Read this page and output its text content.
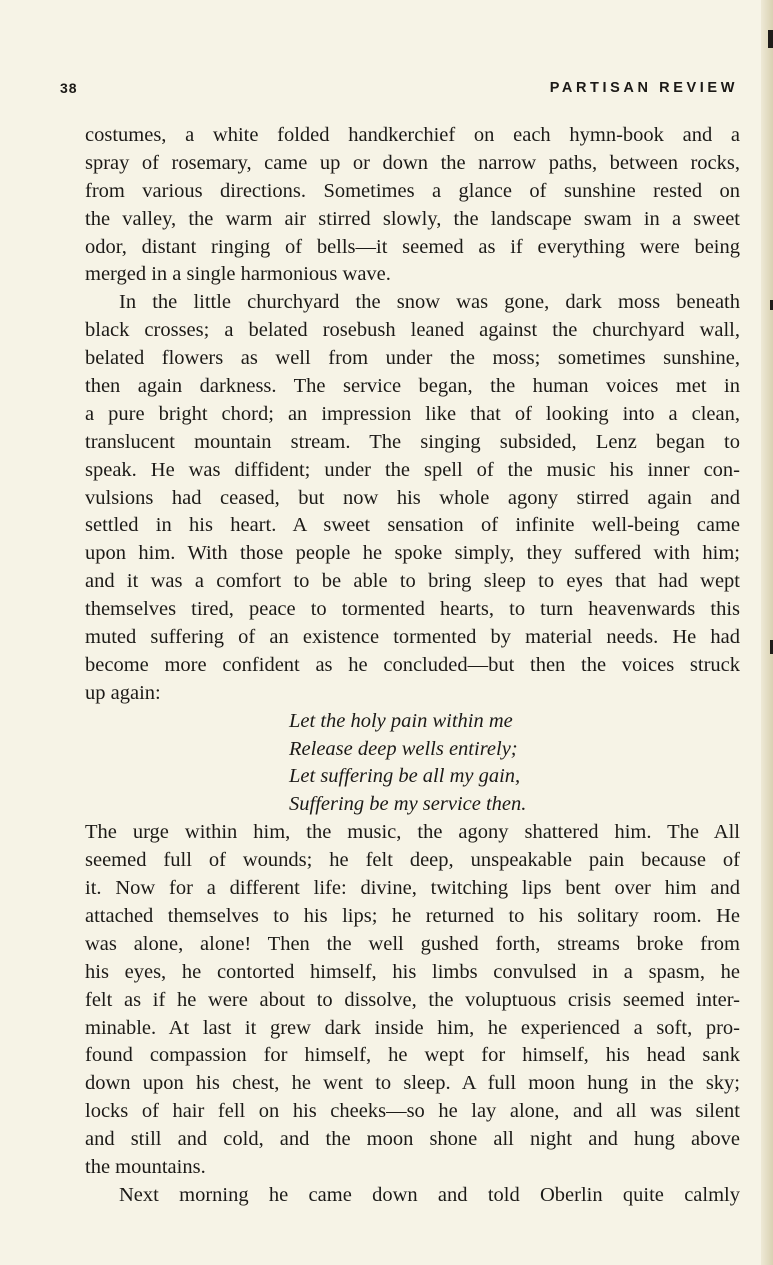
38	PARTISAN REVIEW
costumes, a white folded handkerchief on each hymn-book and a
spray of rosemary, came up or down the narrow paths, between rocks,
from various directions. Sometimes a glance of sunshine rested on
the valley, the warm air stirred slowly, the landscape swam in a sweet
odor, distant ringing of bells—it seemed as if everything were being
merged in a single harmonious wave.
In the little churchyard the snow was gone, dark moss beneath
black crosses; a belated rosebush leaned against the churchyard wall,
belated flowers as well from under the moss; sometimes sunshine,
then again darkness. The service began, the human voices met in
a pure bright chord; an impression like that of looking into a clean,
translucent mountain stream. The singing subsided, Lenz began to
speak. He was diffident; under the spell of the music his inner con-
vulsions had ceased, but now his whole agony stirred again and
settled in his heart. A sweet sensation of infinite well-being came
upon him. With those people he spoke simply, they suffered with him;
and it was a comfort to be able to bring sleep to eyes that had wept
themselves tired, peace to tormented hearts, to turn heavenwards this
muted suffering of an existence tormented by material needs. He had
become more confident as he concluded—but then the voices struck
up again:
Let the holy pain within me
Release deep wells entirely;
Let suffering be all my gain,
Suffering be my service then.
The urge within him, the music, the agony shattered him. The All
seemed full of wounds; he felt deep, unspeakable pain because of
it. Now for a different life: divine, twitching lips bent over him and
attached themselves to his lips; he returned to his solitary room. He
was alone, alone! Then the well gushed forth, streams broke from
his eyes, he contorted himself, his limbs convulsed in a spasm, he
felt as if he were about to dissolve, the voluptuous crisis seemed inter-
minable. At last it grew dark inside him, he experienced a soft, pro-
found compassion for himself, he wept for himself, his head sank
down upon his chest, he went to sleep. A full moon hung in the sky;
locks of hair fell on his cheeks—so he lay alone, and all was silent
and still and cold, and the moon shone all night and hung above
the mountains.
Next morning he came down and told Oberlin quite calmly
